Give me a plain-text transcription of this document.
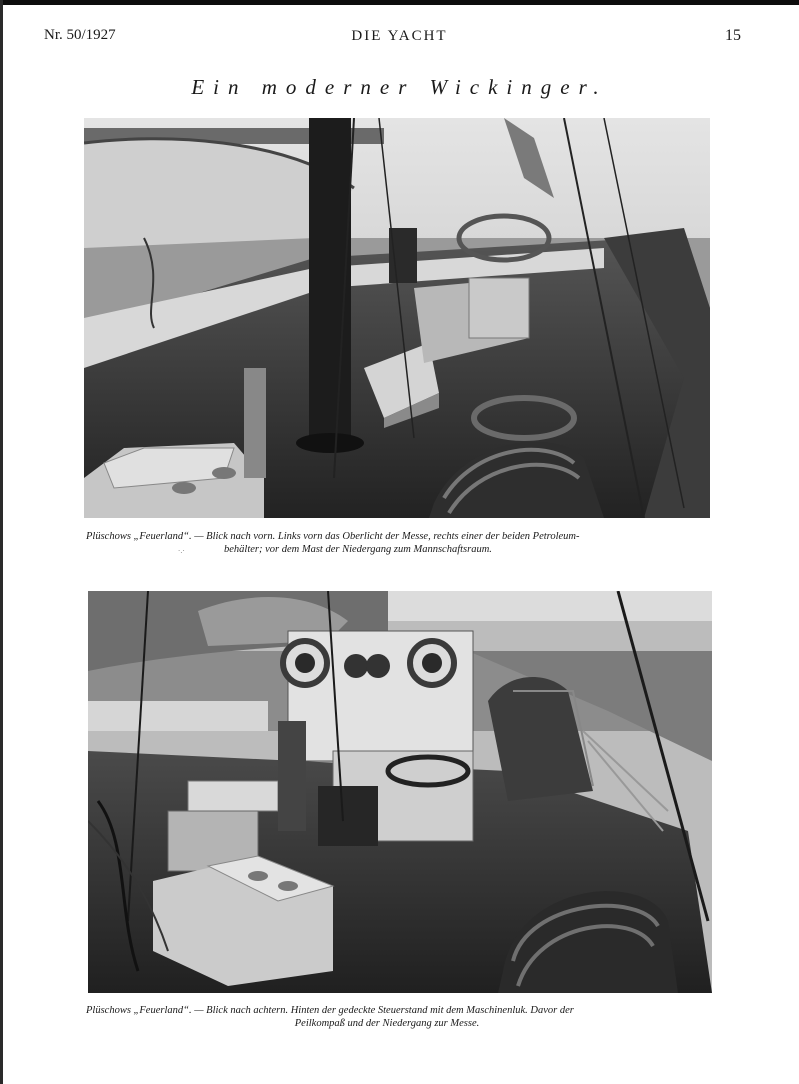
Nr. 50/1927	DIE YACHT	15
Ein moderner Wickinger.
Plüschows „Feuerland“. — Blick nach vorn. Links vorn das Oberlicht der Messe, rechts einer der beiden Petroleum-
behälter; vor dem Mast der Niedergang zum Mannschaftsraum.
·.·
Plüschows „Feuerland“. — Blick nach achtern. Hinten der gedeckte Steuerstand mit dem Maschinenluk. Davor der
Peilkompaß und der Niedergang zur Messe.
